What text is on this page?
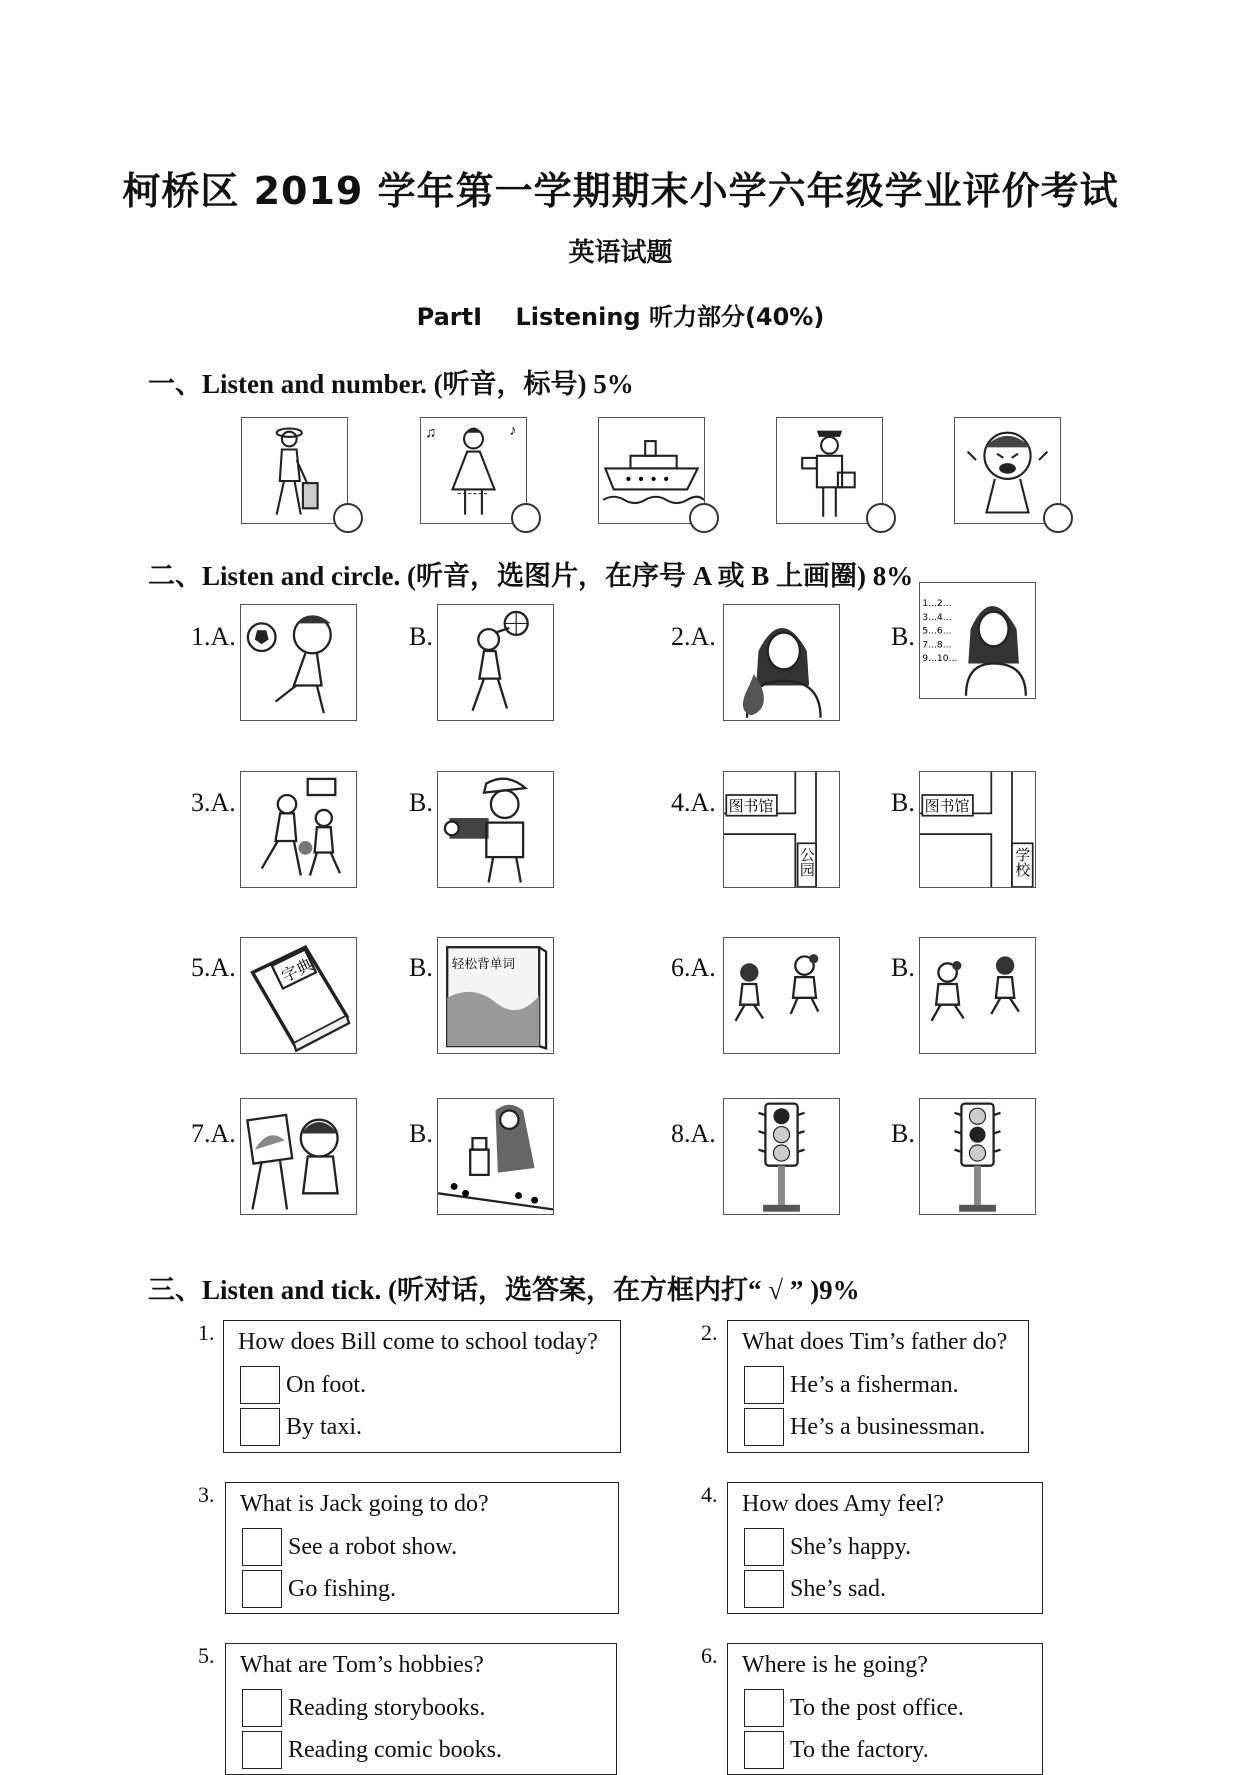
柯桥区 2019 学年第一学期期末小学六年级学业评价考试
英语试题
PartⅠ    Listening 听力部分(40%)
一、Listen and number. (听音，标号) 5%
♫	♪
二、Listen and circle. (听音，选图片，在序号 A 或 B 上画圈) 8%
1.A.	B.	2.A.	B.
1...2...
3...4...
5...6...
7...8...
9...10...
3.A.	B.	4.A. 图书馆
公园
B. 图书馆
学校
5.A.	字典	B. 轻松背单词	6.A.	B.
7.A.	B.	8.A.	B.
三、Listen and tick. (听对话，选答案，在方框内打“ √ ” )9%
1. How does Bill come to school today?
On foot.
By taxi.
2. What does Tim’s father do?
He’s a fisherman.
He’s a businessman.
3. What is Jack going to do?
See a robot show.
Go fishing.
4. How does Amy feel?
She’s happy.
She’s sad.
5. What are Tom’s hobbies?
Reading storybooks.
Reading comic books.
6. Where is he going?
To the post office.
To the factory.
